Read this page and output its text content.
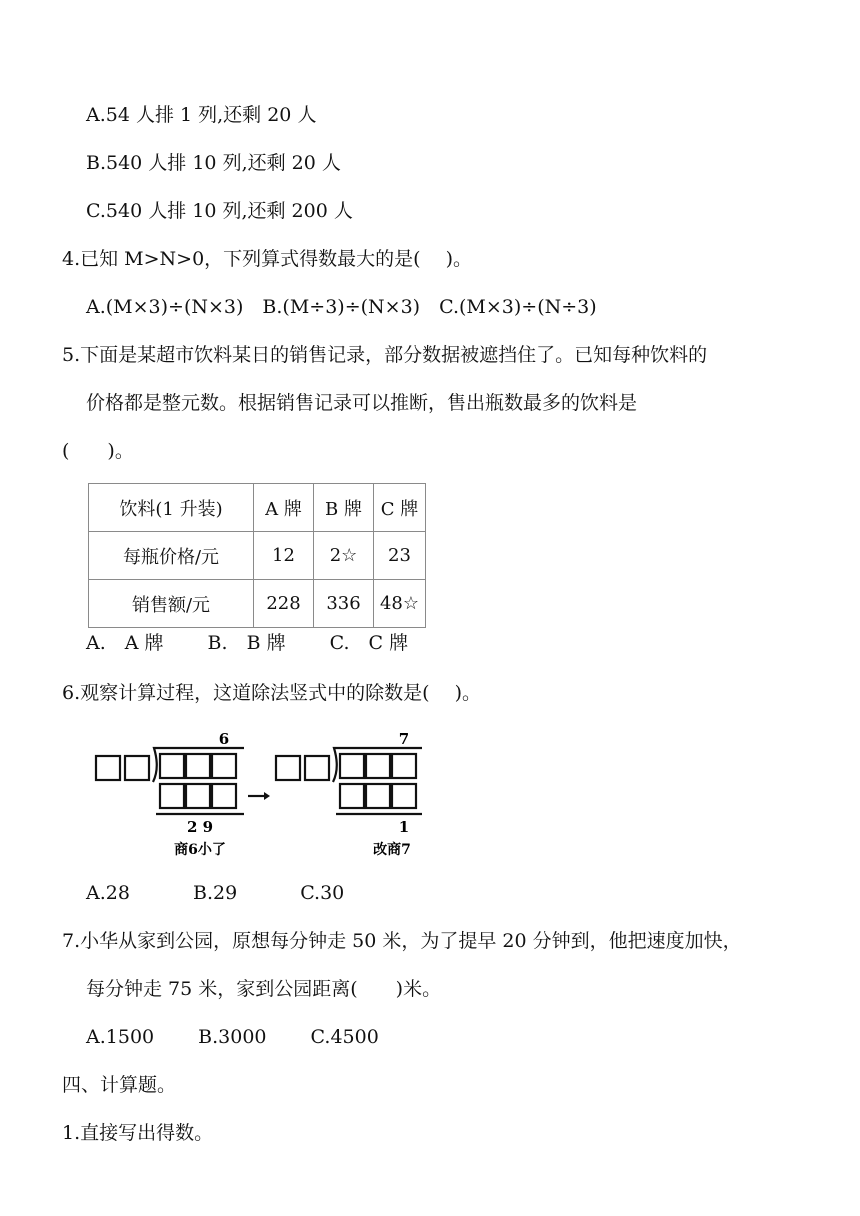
A.54 人排 1 列,还剩 20 人
B.540 人排 10 列,还剩 20 人
C.540 人排 10 列,还剩 200 人
4.已知 M>N>0，下列算式得数最大的是(　 )。
A.(M×3)÷(N×3)　B.(M÷3)÷(N×3)　C.(M×3)÷(N÷3)
5.下面是某超市饮料某日的销售记录，部分数据被遮挡住了。已知每种饮料的
价格都是整元数。根据销售记录可以推断，售出瓶数最多的饮料是
(　　)。
饮料(1 升装)	A 牌	B 牌	C 牌
每瓶价格/元	12	2☆	23
销售额/元	228	336	48☆
A.　A 牌　　 B.　B 牌　　 C.　C 牌
6.观察计算过程，这道除法竖式中的除数是(　 )。
6
2 9
商6小了
7
1
改商7
A.28　　　 B.29　　　 C.30
7.小华从家到公园，原想每分钟走 50 米，为了提早 20 分钟到，他把速度加快，
每分钟走 75 米，家到公园距离(　　)米。
A.1500　　 B.3000　　 C.4500
四、计算题。
1.直接写出得数。
